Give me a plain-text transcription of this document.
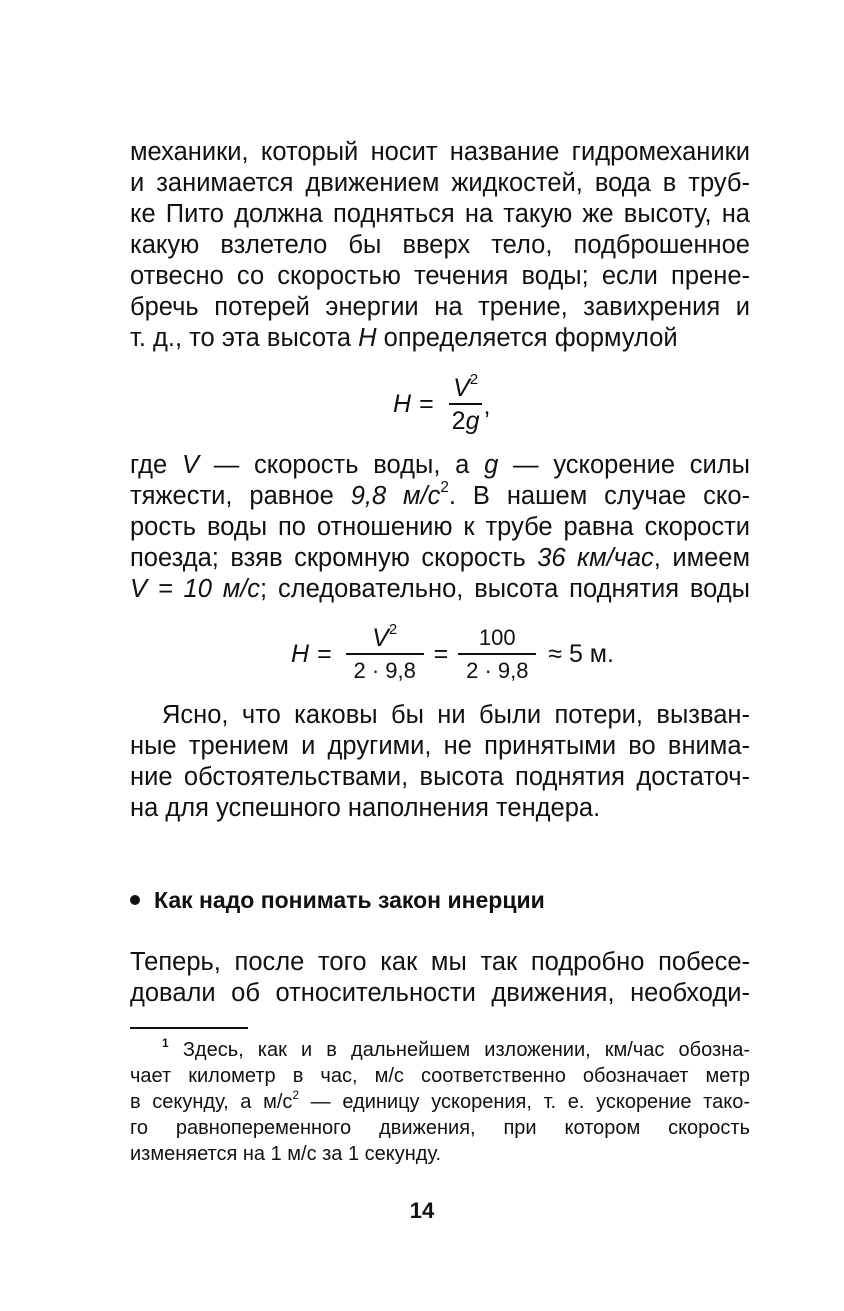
механики, который носит название гидромеханики
и занимается движением жидкостей, вода в труб-
ке Пито должна подняться на такую же высоту, на
какую взлетело бы вверх тело, подброшенное
отвесно со скоростью течения воды; если прене-
бречь потерей энергии на трение, завихрения и
т. д., то эта высота H определяется формулой

$H = \frac{V^2}{2g}$ ,

где V — скорость воды, а g — ускорение силы
тяжести, равное 9,8 $м/с^2$. В нашем случае ско-
рость воды по отношению к трубе равна скорости
поезда; взяв скромную скорость 36 км/час, имеем
V = 10 м/с; следовательно, высота поднятия воды

$H = \frac{V^2}{2 \cdot 9,8} = \frac{100}{2 \cdot 9,8} \approx 5$ м.

Ясно, что каковы бы ни были потери, вызван-
ные трением и другими, не принятыми во внима-
ние обстоятельствами, высота поднятия достаточ-
на для успешного наполнения тендера.

Как надо понимать закон инерции

Теперь, после того как мы так подробно побесе-
довали об относительности движения, необходи-

$^1$ Здесь, как и в дальнейшем изложении, км/час обозна-
чает километр в час, м/с соответственно обозначает метр
в секунду, а $м/с^2$ — единицу ускорения, т. е. ускорение тако-
го равнопеременного движения, при котором скорость
изменяется на 1 м/с за 1 секунду.

14
